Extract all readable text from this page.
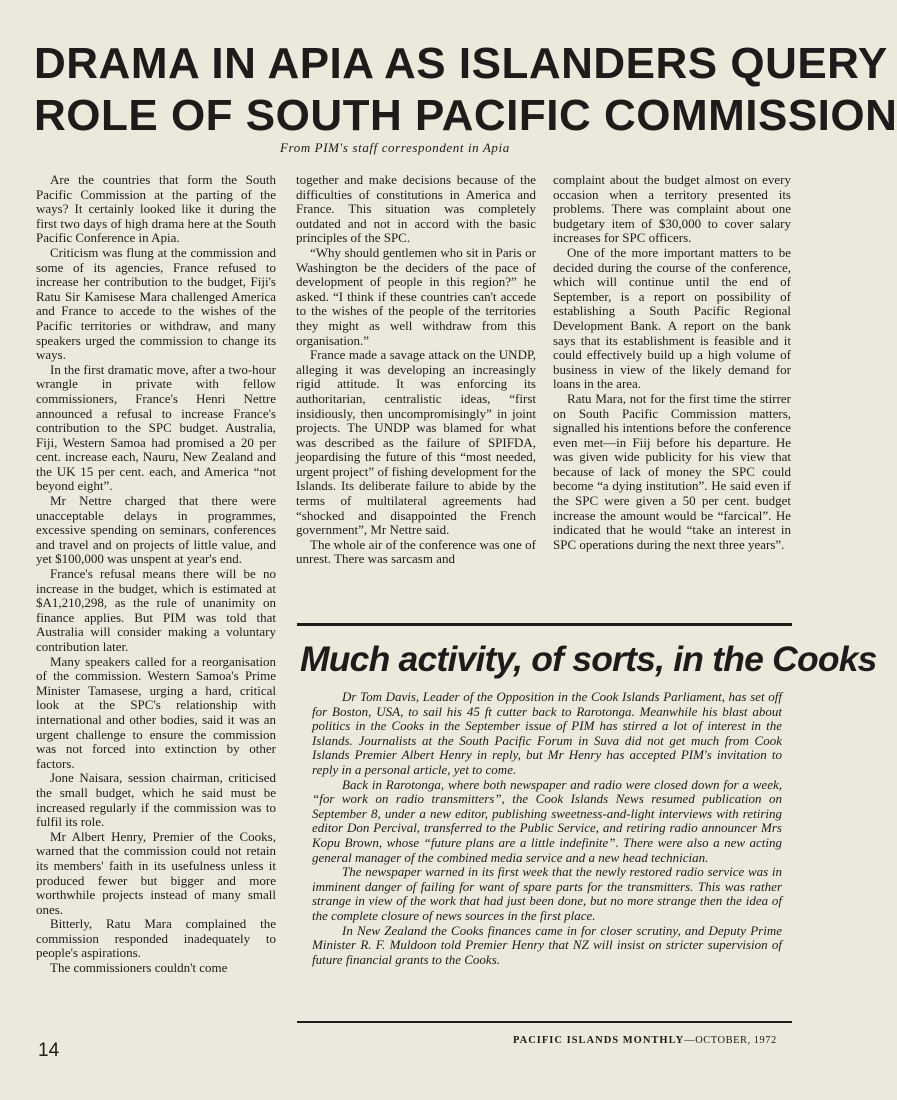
DRAMA IN APIA AS ISLANDERS QUERY
ROLE OF SOUTH PACIFIC COMMISSION
From PIM's staff correspondent in Apia

Are the countries that form the South Pacific Commission at the parting of the ways? It certainly looked like it during the first two days of high drama here at the South Pacific Conference in Apia.

Criticism was flung at the commission and some of its agencies, France refused to increase her contribution to the budget, Fiji's Ratu Sir Kamisese Mara challenged America and France to accede to the wishes of the Pacific territories or withdraw, and many speakers urged the commission to change its ways.

In the first dramatic move, after a two-hour wrangle in private with fellow commissioners, France's Henri Nettre announced a refusal to increase France's contribution to the SPC budget. Australia, Fiji, Western Samoa had promised a 20 per cent. increase each, Nauru, New Zealand and the UK 15 per cent. each, and America “not beyond eight”.

Mr Nettre charged that there were unacceptable delays in programmes, excessive spending on seminars, conferences and travel and on projects of little value, and yet $100,000 was unspent at year's end.

France's refusal means there will be no increase in the budget, which is estimated at $A1,210,298, as the rule of unanimity on finance applies. But PIM was told that Australia will consider making a voluntary contribution later.

Many speakers called for a reorganisation of the commission. Western Samoa's Prime Minister Tamasese, urging a hard, critical look at the SPC's relationship with international and other bodies, said it was an urgent challenge to ensure the commission was not forced into extinction by other factors.

Jone Naisara, session chairman, criticised the small budget, which he said must be increased regularly if the commission was to fulfil its role.

Mr Albert Henry, Premier of the Cooks, warned that the commission could not retain its members' faith in its usefulness unless it produced fewer but bigger and more worthwhile projects instead of many small ones.

Bitterly, Ratu Mara complained the commission responded inadequately to people's aspirations.

The commissioners couldn't come

together and make decisions because of the difficulties of constitutions in America and France. This situation was completely outdated and not in accord with the basic principles of the SPC.

“Why should gentlemen who sit in Paris or Washington be the deciders of the pace of development of people in this region?” he asked. “I think if these countries can't accede to the wishes of the people of the territories they might as well withdraw from this organisation.”

France made a savage attack on the UNDP, alleging it was developing an increasingly rigid attitude. It was enforcing its authoritarian, centralistic ideas, “first insidiously, then uncompromisingly” in joint projects. The UNDP was blamed for what was described as the failure of SPIFDA, jeopardising the future of this “most needed, urgent project” of fishing development for the Islands. Its deliberate failure to abide by the terms of multilateral agreements had “shocked and disappointed the French government”, Mr Nettre said.

The whole air of the conference was one of unrest. There was sarcasm and

complaint about the budget almost on every occasion when a territory presented its problems. There was complaint about one budgetary item of $30,000 to cover salary increases for SPC officers.

One of the more important matters to be decided during the course of the conference, which will continue until the end of September, is a report on possibility of establishing a South Pacific Regional Development Bank. A report on the bank says that its establishment is feasible and it could effectively build up a high volume of business in view of the likely demand for loans in the area.

Ratu Mara, not for the first time the stirrer on South Pacific Commission matters, signalled his intentions before the conference even met—in Fiij before his departure. He was given wide publicity for his view that because of lack of money the SPC could become “a dying institution”. He said even if the SPC were given a 50 per cent. budget increase the amount would be “farcical”. He indicated that he would “take an interest in SPC operations during the next three years”.

Much activity, of sorts, in the Cooks

Dr Tom Davis, Leader of the Opposition in the Cook Islands Parliament, has set off for Boston, USA, to sail his 45 ft cutter back to Rarotonga. Meanwhile his blast about politics in the Cooks in the September issue of PIM has stirred a lot of interest in the Islands. Journalists at the South Pacific Forum in Suva did not get much from Cook Islands Premier Albert Henry in reply, but Mr Henry has accepted PIM's invitation to reply in a personal article, yet to come.

Back in Rarotonga, where both newspaper and radio were closed down for a week, “for work on radio transmitters”, the Cook Islands News resumed publication on September 8, under a new editor, publishing sweetness-and-light interviews with retiring editor Don Percival, transferred to the Public Service, and retiring radio announcer Mrs Kopu Brown, whose “future plans are a little indefinite”. There were also a new acting general manager of the combined media service and a new head technician.

The newspaper warned in its first week that the newly restored radio service was in imminent danger of failing for want of spare parts for the transmitters. This was rather strange in view of the work that had just been done, but no more strange then the idea of the complete closure of news sources in the first place.

In New Zealand the Cooks finances came in for closer scrutiny, and Deputy Prime Minister R. F. Muldoon told Premier Henry that NZ will insist on stricter supervision of future financial grants to the Cooks.

14	PACIFIC ISLANDS MONTHLY—OCTOBER, 1972
